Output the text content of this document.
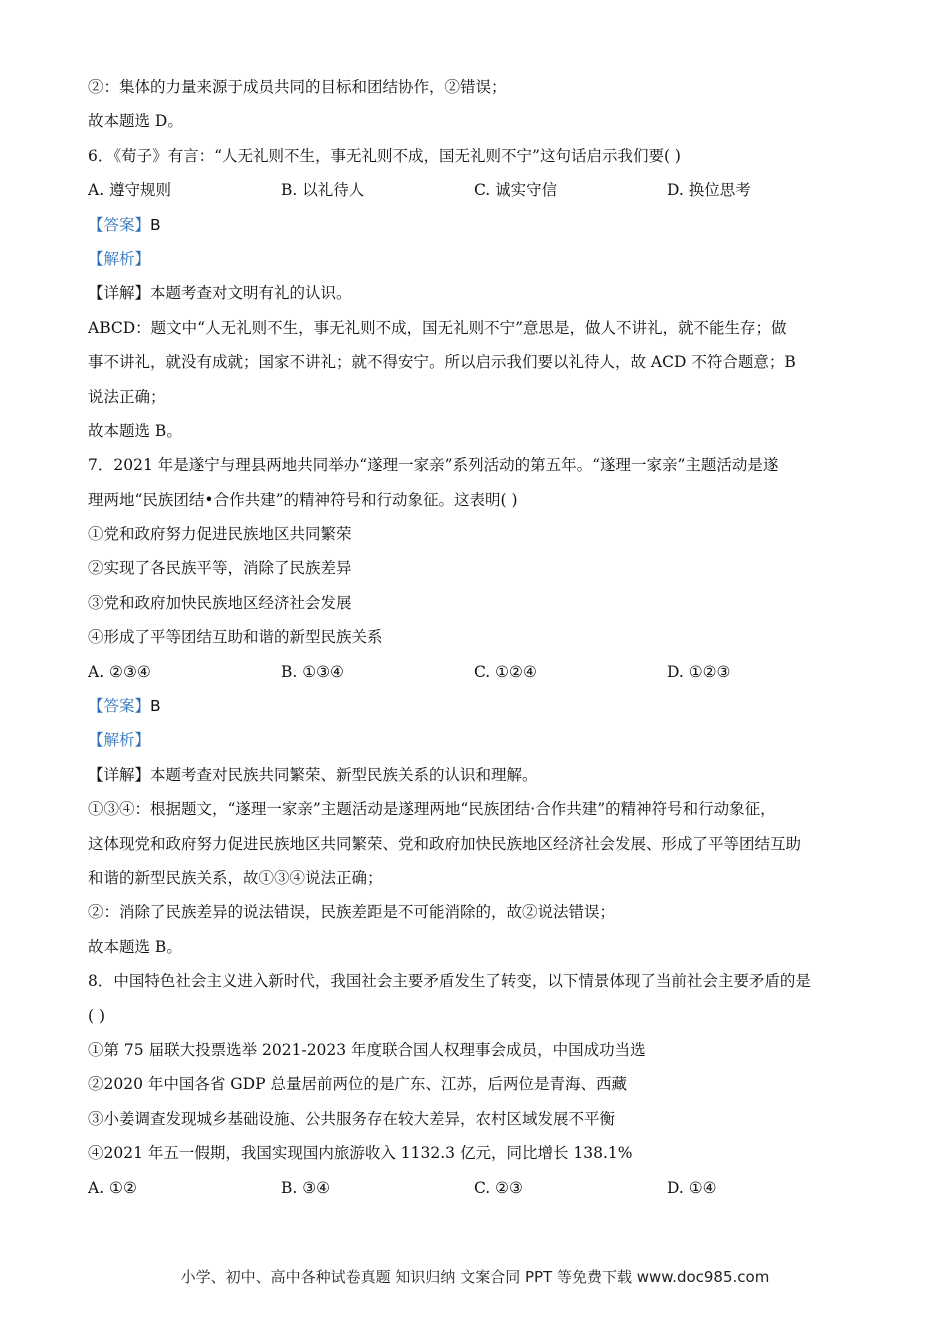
②：集体的力量来源于成员共同的目标和团结协作，②错误；
故本题选 D。
6．《荀子》有言：“人无礼则不生，事无礼则不成，国无礼则不宁”这句话启示我们要( )
A. 遵守规则	B. 以礼待人	C. 诚实守信	D. 换位思考
【答案】B
【解析】
【详解】本题考查对文明有礼的认识。
ABCD：题文中“人无礼则不生，事无礼则不成，国无礼则不宁”意思是，做人不讲礼，就不能生存；做
事不讲礼，就没有成就；国家不讲礼；就不得安宁。所以启示我们要以礼待人，故 ACD 不符合题意；B
说法正确；
故本题选 B。
7．2021 年是遂宁与理县两地共同举办“遂理一家亲”系列活动的第五年。“遂理一家亲”主题活动是遂
理两地“民族团结•合作共建”的精神符号和行动象征。这表明( )
①党和政府努力促进民族地区共同繁荣
②实现了各民族平等，消除了民族差异
③党和政府加快民族地区经济社会发展
④形成了平等团结互助和谐的新型民族关系
A. ②③④	B. ①③④	C. ①②④	D. ①②③
【答案】B
【解析】
【详解】本题考查对民族共同繁荣、新型民族关系的认识和理解。
①③④：根据题文，“遂理一家亲”主题活动是遂理两地“民族团结·合作共建”的精神符号和行动象征，
这体现党和政府努力促进民族地区共同繁荣、党和政府加快民族地区经济社会发展、形成了平等团结互助
和谐的新型民族关系，故①③④说法正确；
②：消除了民族差异的说法错误，民族差距是不可能消除的，故②说法错误；
故本题选 B。
8．中国特色社会主义进入新时代，我国社会主要矛盾发生了转变，以下情景体现了当前社会主要矛盾的是
( )
①第 75 届联大投票选举 2021-2023 年度联合国人权理事会成员，中国成功当选
②2020 年中国各省 GDP 总量居前两位的是广东、江苏，后两位是青海、西藏
③小姜调查发现城乡基础设施、公共服务存在较大差异，农村区域发展不平衡
④2021 年五一假期，我国实现国内旅游收入 1132.3 亿元，同比增长 138.1%
A. ①②	B. ③④	C. ②③	D. ①④
小学、初中、高中各种试卷真题 知识归纳 文案合同 PPT 等免费下载 www.doc985.com
